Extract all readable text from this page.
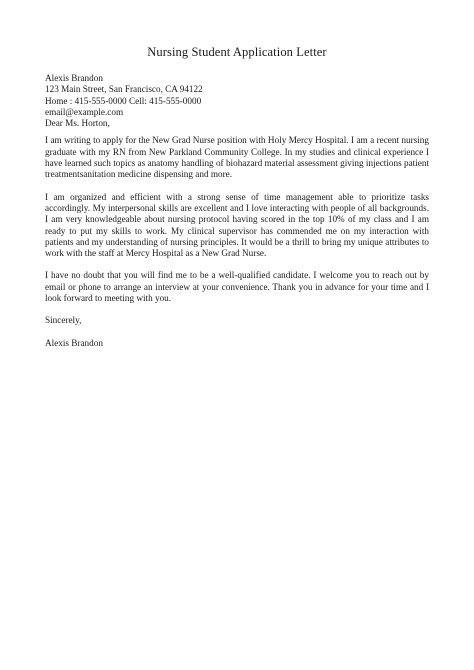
Nursing Student Application Letter
Alexis Brandon
123 Main Street, San Francisco, CA 94122
Home : 415-555-0000 Cell: 415-555-0000
email@example.com
Dear Ms. Horton,

I am writing to apply for the New Grad Nurse position with Holy Mercy Hospital. I am a recent nursing graduate with my RN from New Parkland Community College. In my studies and clinical experience I have learned such topics as anatomy handling of biohazard material assessment giving injections patient treatmentsanitation medicine dispensing and more.

I am organized and efficient with a strong sense of time management able to prioritize tasks accordingly. My interpersonal skills are excellent and I love interacting with people of all backgrounds. I am very knowledgeable about nursing protocol having scored in the top 10% of my class and I am ready to put my skills to work. My clinical supervisor has commended me on my interaction with patients and my understanding of nursing principles. It would be a thrill to bring my unique attributes to work with the staff at Mercy Hospital as a New Grad Nurse.

I have no doubt that you will find me to be a well-qualified candidate. I welcome you to reach out by email or phone to arrange an interview at your convenience. Thank you in advance for your time and I look forward to meeting with you.

Sincerely,
Alexis Brandon
